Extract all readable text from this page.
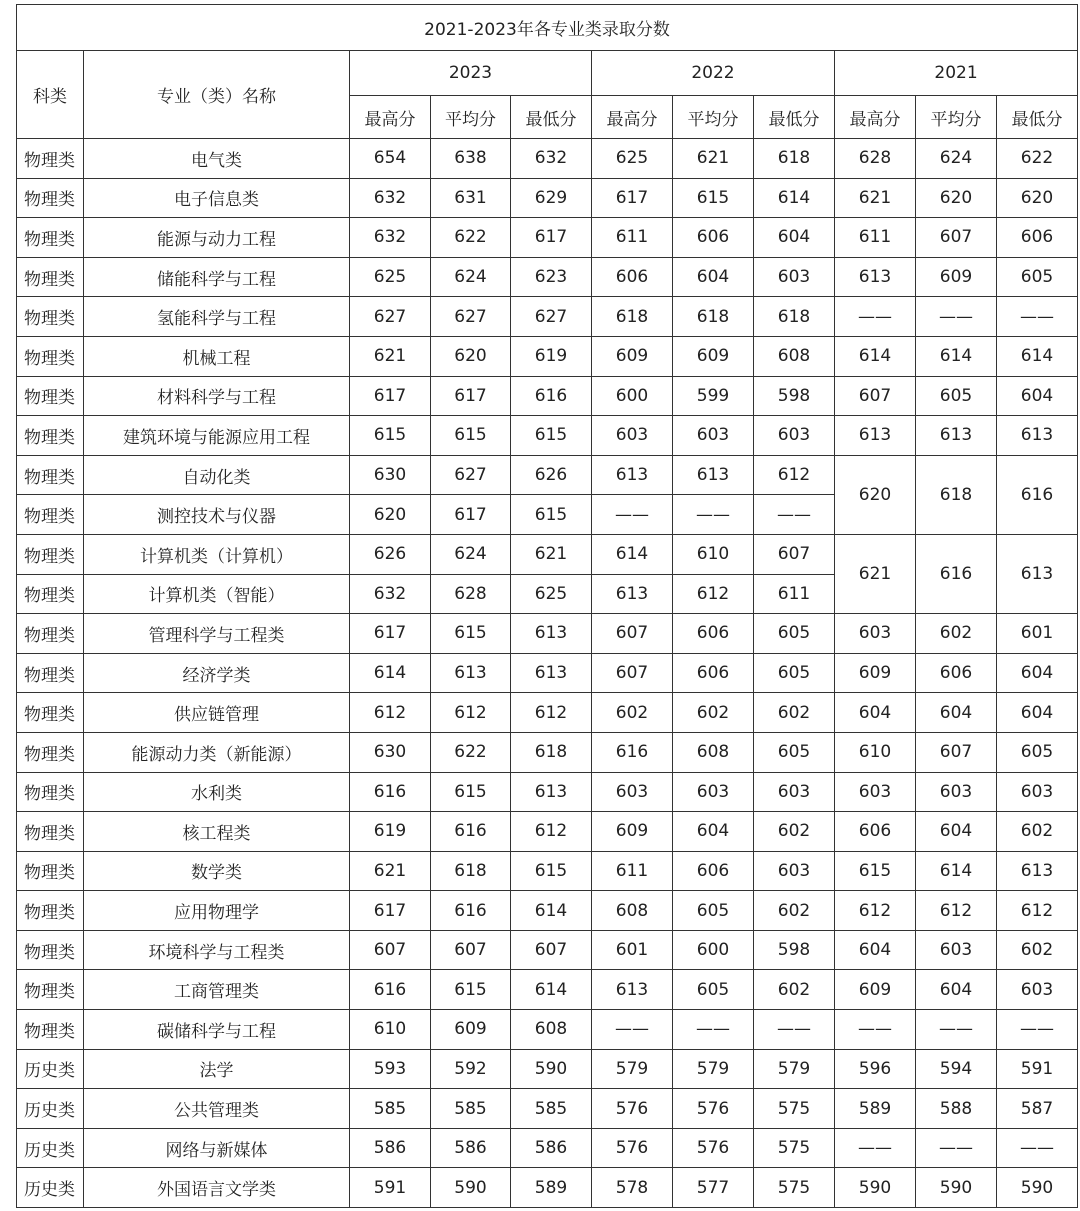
2021-2023年各专业类录取分数										
科类	专业（类）名称	2023			2022			2021		
		最高分	平均分	最低分	最高分	平均分	最低分	最高分	平均分	最低分
物理类	电气类	654	638	632	625	621	618	628	624	622
物理类	电子信息类	632	631	629	617	615	614	621	620	620
物理类	能源与动力工程	632	622	617	611	606	604	611	607	606
物理类	储能科学与工程	625	624	623	606	604	603	613	609	605
物理类	氢能科学与工程	627	627	627	618	618	618	——	——	——
物理类	机械工程	621	620	619	609	609	608	614	614	614
物理类	材料科学与工程	617	617	616	600	599	598	607	605	604
物理类	建筑环境与能源应用工程	615	615	615	603	603	603	613	613	613
物理类	自动化类	630	627	626	613	613	612	620	618	616
物理类	测控技术与仪器	620	617	615	——	——	——			
物理类	计算机类（计算机）	626	624	621	614	610	607	621	616	613
物理类	计算机类（智能）	632	628	625	613	612	611			
物理类	管理科学与工程类	617	615	613	607	606	605	603	602	601
物理类	经济学类	614	613	613	607	606	605	609	606	604
物理类	供应链管理	612	612	612	602	602	602	604	604	604
物理类	能源动力类（新能源）	630	622	618	616	608	605	610	607	605
物理类	水利类	616	615	613	603	603	603	603	603	603
物理类	核工程类	619	616	612	609	604	602	606	604	602
物理类	数学类	621	618	615	611	606	603	615	614	613
物理类	应用物理学	617	616	614	608	605	602	612	612	612
物理类	环境科学与工程类	607	607	607	601	600	598	604	603	602
物理类	工商管理类	616	615	614	613	605	602	609	604	603
物理类	碳储科学与工程	610	609	608	——	——	——	——	——	——
历史类	法学	593	592	590	579	579	579	596	594	591
历史类	公共管理类	585	585	585	576	576	575	589	588	587
历史类	网络与新媒体	586	586	586	576	576	575	——	——	——
历史类	外国语言文学类	591	590	589	578	577	575	590	590	590
